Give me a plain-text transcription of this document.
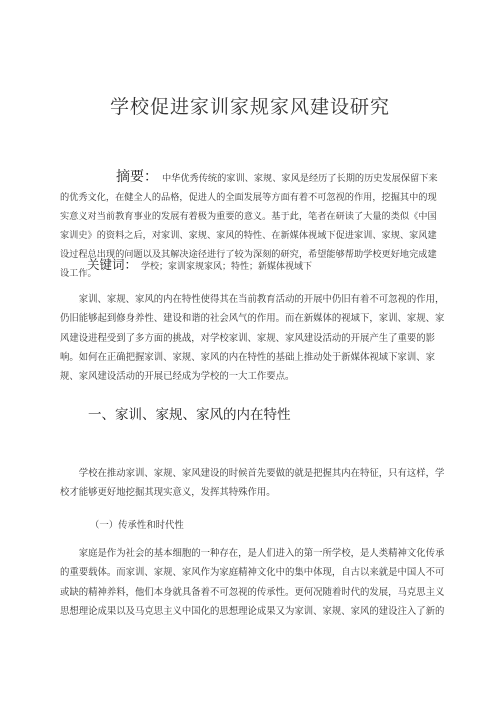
学校促进家训家规家风建设研究
摘要： 中华优秀传统的家训、家规、家风是经历了长期的历史发展保留下来的优秀文化，在健全人的品格，促进人的全面发展等方面有着不可忽视的作用，挖掘其中的现实意义对当前教育事业的发展有着极为重要的意义。基于此，笔者在研读了大量的类似《中国家训史》的资料之后，对家训、家规、家风的特性、在新媒体视域下促进家训、家规、家风建设过程总出现的问题以及其解决途径进行了较为深刻的研究，希望能够帮助学校更好地完成建设工作。
关键词： 学校；家训家规家风；特性；新媒体视域下
家训、家规、家风的内在特性使得其在当前教育活动的开展中仍旧有着不可忽视的作用，仍旧能够起到修身养性、建设和谐的社会风气的作用。而在新媒体的视域下，家训、家规、家风建设进程受到了多方面的挑战，对学校家训、家规、家风建设活动的开展产生了重要的影响。如何在正确把握家训、家规、家风的内在特性的基础上推动处于新媒体视域下家训、家规、家风建设活动的开展已经成为学校的一大工作要点。
一、家训、家规、家风的内在特性
学校在推动家训、家规、家风建设的时候首先要做的就是把握其内在特征，只有这样，学校才能够更好地挖掘其现实意义，发挥其特殊作用。
（一）传承性和时代性
家庭是作为社会的基本细胞的一种存在，是人们进入的第一所学校，是人类精神文化传承的重要载体。而家训、家规、家风作为家庭精神文化中的集中体现，自古以来就是中国人不可或缺的精神养料，他们本身就具备着不可忽视的传承性。更何况随着时代的发展，马克思主义思想理论成果以及马克思主义中国化的思想理论成果又为家训、家规、家风的建设注入了新的
